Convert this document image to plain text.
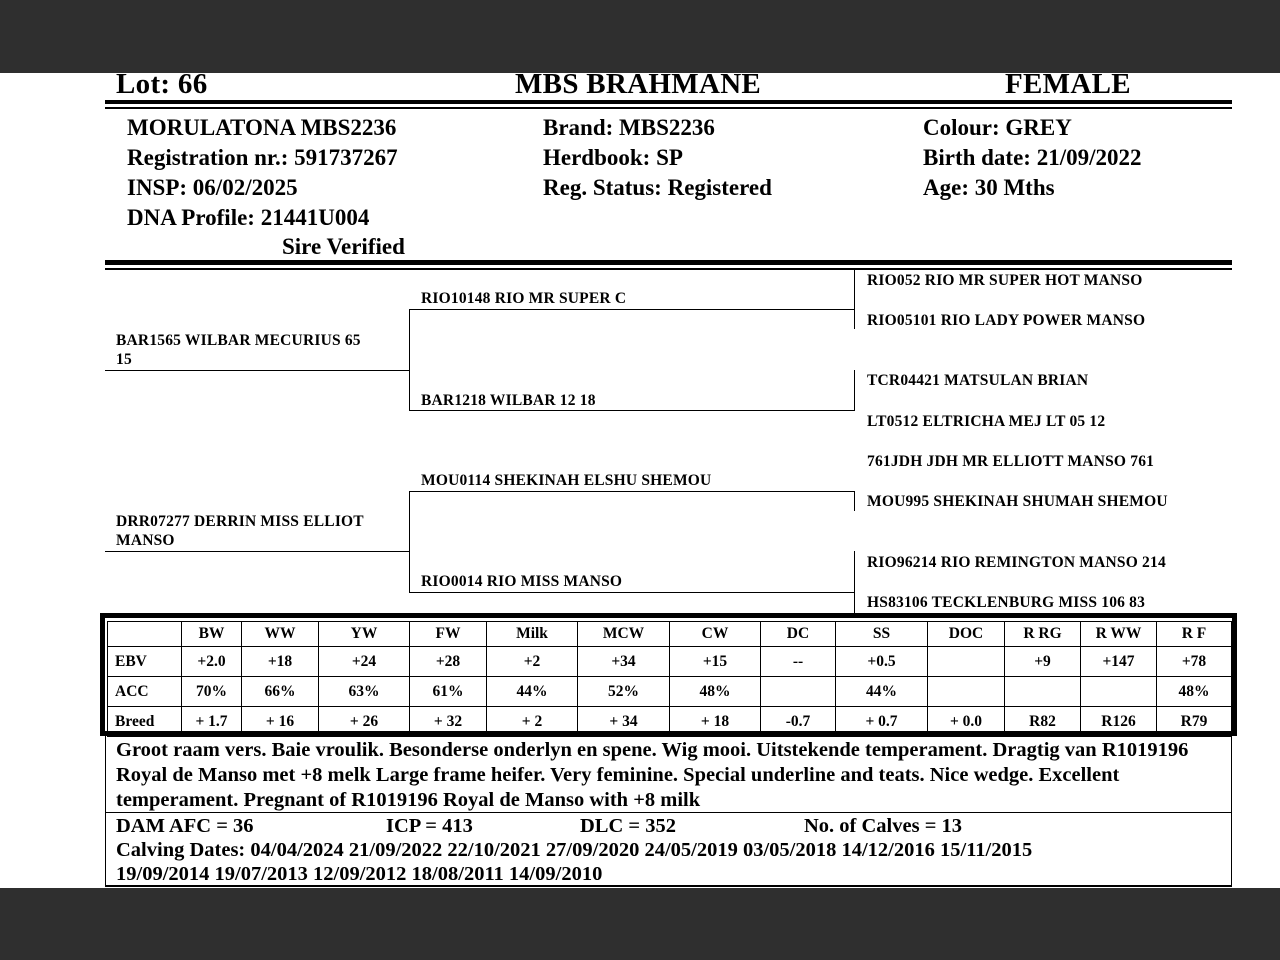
Lot: 66	MBS BRAHMANE	FEMALE
MORULATONA MBS2236
Registration nr.: 591737267
INSP: 06/02/2025
DNA Profile: 21441U004
Sire Verified
Brand: MBS2236
Herdbook: SP
Reg. Status: Registered
Colour: GREY
Birth date: 21/09/2022
Age: 30 Mths
BAR1565 WILBAR MECURIUS 65
15
DRR07277 DERRIN MISS ELLIOT
MANSO
RIO10148 RIO MR SUPER C
BAR1218 WILBAR 12 18
MOU0114 SHEKINAH ELSHU SHEMOU
RIO0014 RIO MISS MANSO
RIO052 RIO MR SUPER HOT MANSO
RIO05101 RIO LADY POWER MANSO
TCR04421 MATSULAN BRIAN
LT0512 ELTRICHA MEJ LT 05 12
761JDH JDH MR ELLIOTT MANSO 761
MOU995 SHEKINAH SHUMAH SHEMOU
RIO96214 RIO REMINGTON MANSO 214
HS83106 TECKLENBURG MISS 106 83
	BW	WW	YW	FW	Milk	MCW	CW	DC	SS	DOC	R RG	R WW	R F
EBV	+2.0	+18	+24	+28	+2	+34	+15	--	+0.5		+9	+147	+78
ACC	70%	66%	63%	61%	44%	52%	48%		44%				48%
Breed	+ 1.7	+ 16	+ 26	+ 32	+ 2	+ 34	+ 18	-0.7	+ 0.7	+ 0.0	R82	R126	R79
Groot raam vers. Baie vroulik. Besonderse onderlyn en spene. Wig mooi. Uitstekende temperament. Dragtig van R1019196 Royal de Manso met +8 melk Large frame heifer. Very feminine. Special underline and teats. Nice wedge. Excellent temperament. Pregnant of R1019196 Royal de Manso with +8 milk
DAM AFC = 36	ICP = 413	DLC = 352	No. of Calves = 13
Calving Dates: 04/04/2024 21/09/2022 22/10/2021 27/09/2020 24/05/2019 03/05/2018 14/12/2016 15/11/2015
19/09/2014 19/07/2013 12/09/2012 18/08/2011 14/09/2010
